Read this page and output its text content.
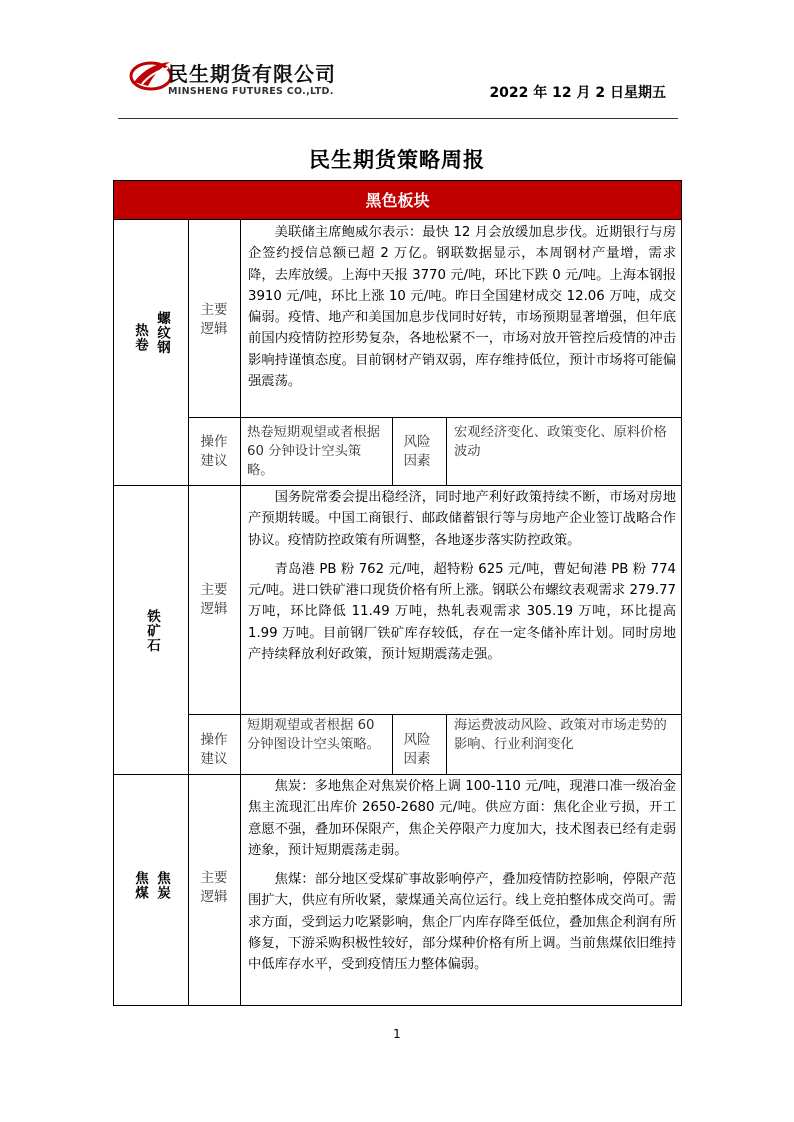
民生期货有限公司
MINSHENG FUTURES CO.,LTD.	2022 年 12 月 2 日星期五
民生期货策略周报
黑色板块
热卷 螺纹钢
主要逻辑

美联储主席鲍威尔表示：最快 12 月会放缓加息步伐。近期银行与房企签约授信总额已超 2 万亿。钢联数据显示，本周钢材产量增，需求降，去库放缓。上海中天报 3770 元/吨，环比下跌 0 元/吨。上海本钢报 3910 元/吨，环比上涨 10 元/吨。昨日全国建材成交 12.06 万吨，成交偏弱。疫情、地产和美国加息步伐同时好转，市场预期显著增强，但年底前国内疫情防控形势复杂，各地松紧不一，市场对放开管控后疫情的冲击影响持谨慎态度。目前钢材产销双弱，库存维持低位，预计市场将可能偏强震荡。

操作建议
热卷短期观望或者根据 60 分钟设计空头策略。
风险因素
宏观经济变化、政策变化、原料价格波动
铁矿石
主要逻辑

国务院常委会提出稳经济，同时地产利好政策持续不断，市场对房地产预期转暖。中国工商银行、邮政储蓄银行等与房地产企业签订战略合作协议。疫情防控政策有所调整，各地逐步落实防控政策。

青岛港 PB 粉 762 元/吨，超特粉 625 元/吨，曹妃甸港 PB 粉 774 元/吨。进口铁矿港口现货价格有所上涨。钢联公布螺纹表观需求 279.77 万吨，环比降低 11.49 万吨，热轧表观需求 305.19 万吨，环比提高 1.99 万吨。目前钢厂铁矿库存较低，存在一定冬储补库计划。同时房地产持续释放利好政策，预计短期震荡走强。

操作建议
短期观望或者根据 60 分钟图设计空头策略。	风险因素
海运费波动风险、政策对市场走势的影响、行业利润变化
焦煤 焦炭 主要逻辑

焦炭：多地焦企对焦炭价格上调 100-110 元/吨，现港口准一级冶金焦主流现汇出库价 2650-2680 元/吨。供应方面：焦化企业亏损，开工意愿不强，叠加环保限产，焦企关停限产力度加大，技术图表已经有走弱迹象，预计短期震荡走弱。

焦煤：部分地区受煤矿事故影响停产，叠加疫情防控影响，停限产范围扩大，供应有所收紧，蒙煤通关高位运行。线上竞拍整体成交尚可。需求方面，受到运力吃紧影响，焦企厂内库存降至低位，叠加焦企利润有所修复，下游采购积极性较好，部分煤种价格有所上调。当前焦煤依旧维持中低库存水平，受到疫情压力整体偏弱。

1
